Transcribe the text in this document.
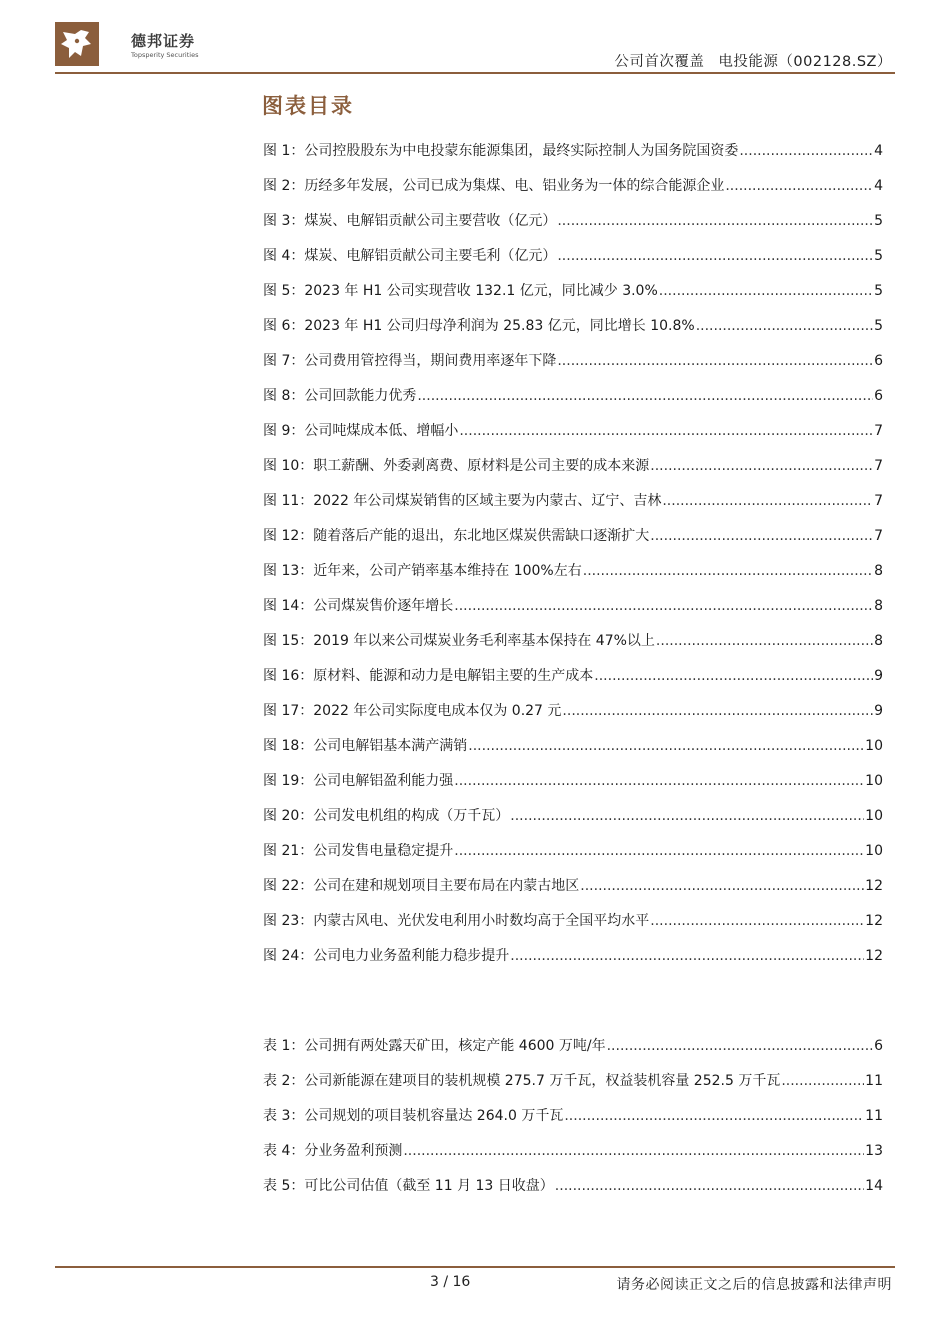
德邦证券
Topsperity Securities	公司首次覆盖 电投能源（002128.SZ）
图表目录
图 1：公司控股股东为中电投蒙东能源集团，最终实际控制人为国务院国资委 .....	4
图 2：历经多年发展，公司已成为集煤、电、铝业务为一体的综合能源企业 .....	4
图 3：煤炭、电解铝贡献公司主要营收（亿元） .....	5
图 4：煤炭、电解铝贡献公司主要毛利（亿元） .....	5
图 5：2023 年 H1 公司实现营收 132.1 亿元，同比减少 3.0% .....	5
图 6：2023 年 H1 公司归母净利润为 25.83 亿元，同比增长 10.8% .....	5
图 7：公司费用管控得当，期间费用率逐年下降 .....	6
图 8：公司回款能力优秀 .....	6
图 9：公司吨煤成本低、增幅小 .....	7
图 10：职工薪酬、外委剥离费、原材料是公司主要的成本来源 .....	7
图 11：2022 年公司煤炭销售的区域主要为内蒙古、辽宁、吉林 .....	7
图 12：随着落后产能的退出，东北地区煤炭供需缺口逐渐扩大 .....	7
图 13：近年来，公司产销率基本维持在 100%左右 .....	8
图 14：公司煤炭售价逐年增长 .....	8
图 15：2019 年以来公司煤炭业务毛利率基本保持在 47%以上 .....	8
图 16：原材料、能源和动力是电解铝主要的生产成本 .....	9
图 17：2022 年公司实际度电成本仅为 0.27 元 .....	9
图 18：公司电解铝基本满产满销 .....	10
图 19：公司电解铝盈利能力强 .....	10
图 20：公司发电机组的构成（万千瓦） .....	10
图 21：公司发售电量稳定提升 .....	10
图 22：公司在建和规划项目主要布局在内蒙古地区 .....	12
图 23：内蒙古风电、光伏发电利用小时数均高于全国平均水平 .....	12
图 24：公司电力业务盈利能力稳步提升 .....	12
表 1：公司拥有两处露天矿田，核定产能 4600 万吨/年 .....	6
表 2：公司新能源在建项目的装机规模 275.7 万千瓦，权益装机容量 252.5 万千瓦 .....	11
表 3：公司规划的项目装机容量达 264.0 万千瓦 .....	11
表 4：分业务盈利预测 .....	13
表 5：可比公司估值（截至 11 月 13 日收盘） .....	14
3 / 16	请务必阅读正文之后的信息披露和法律声明
